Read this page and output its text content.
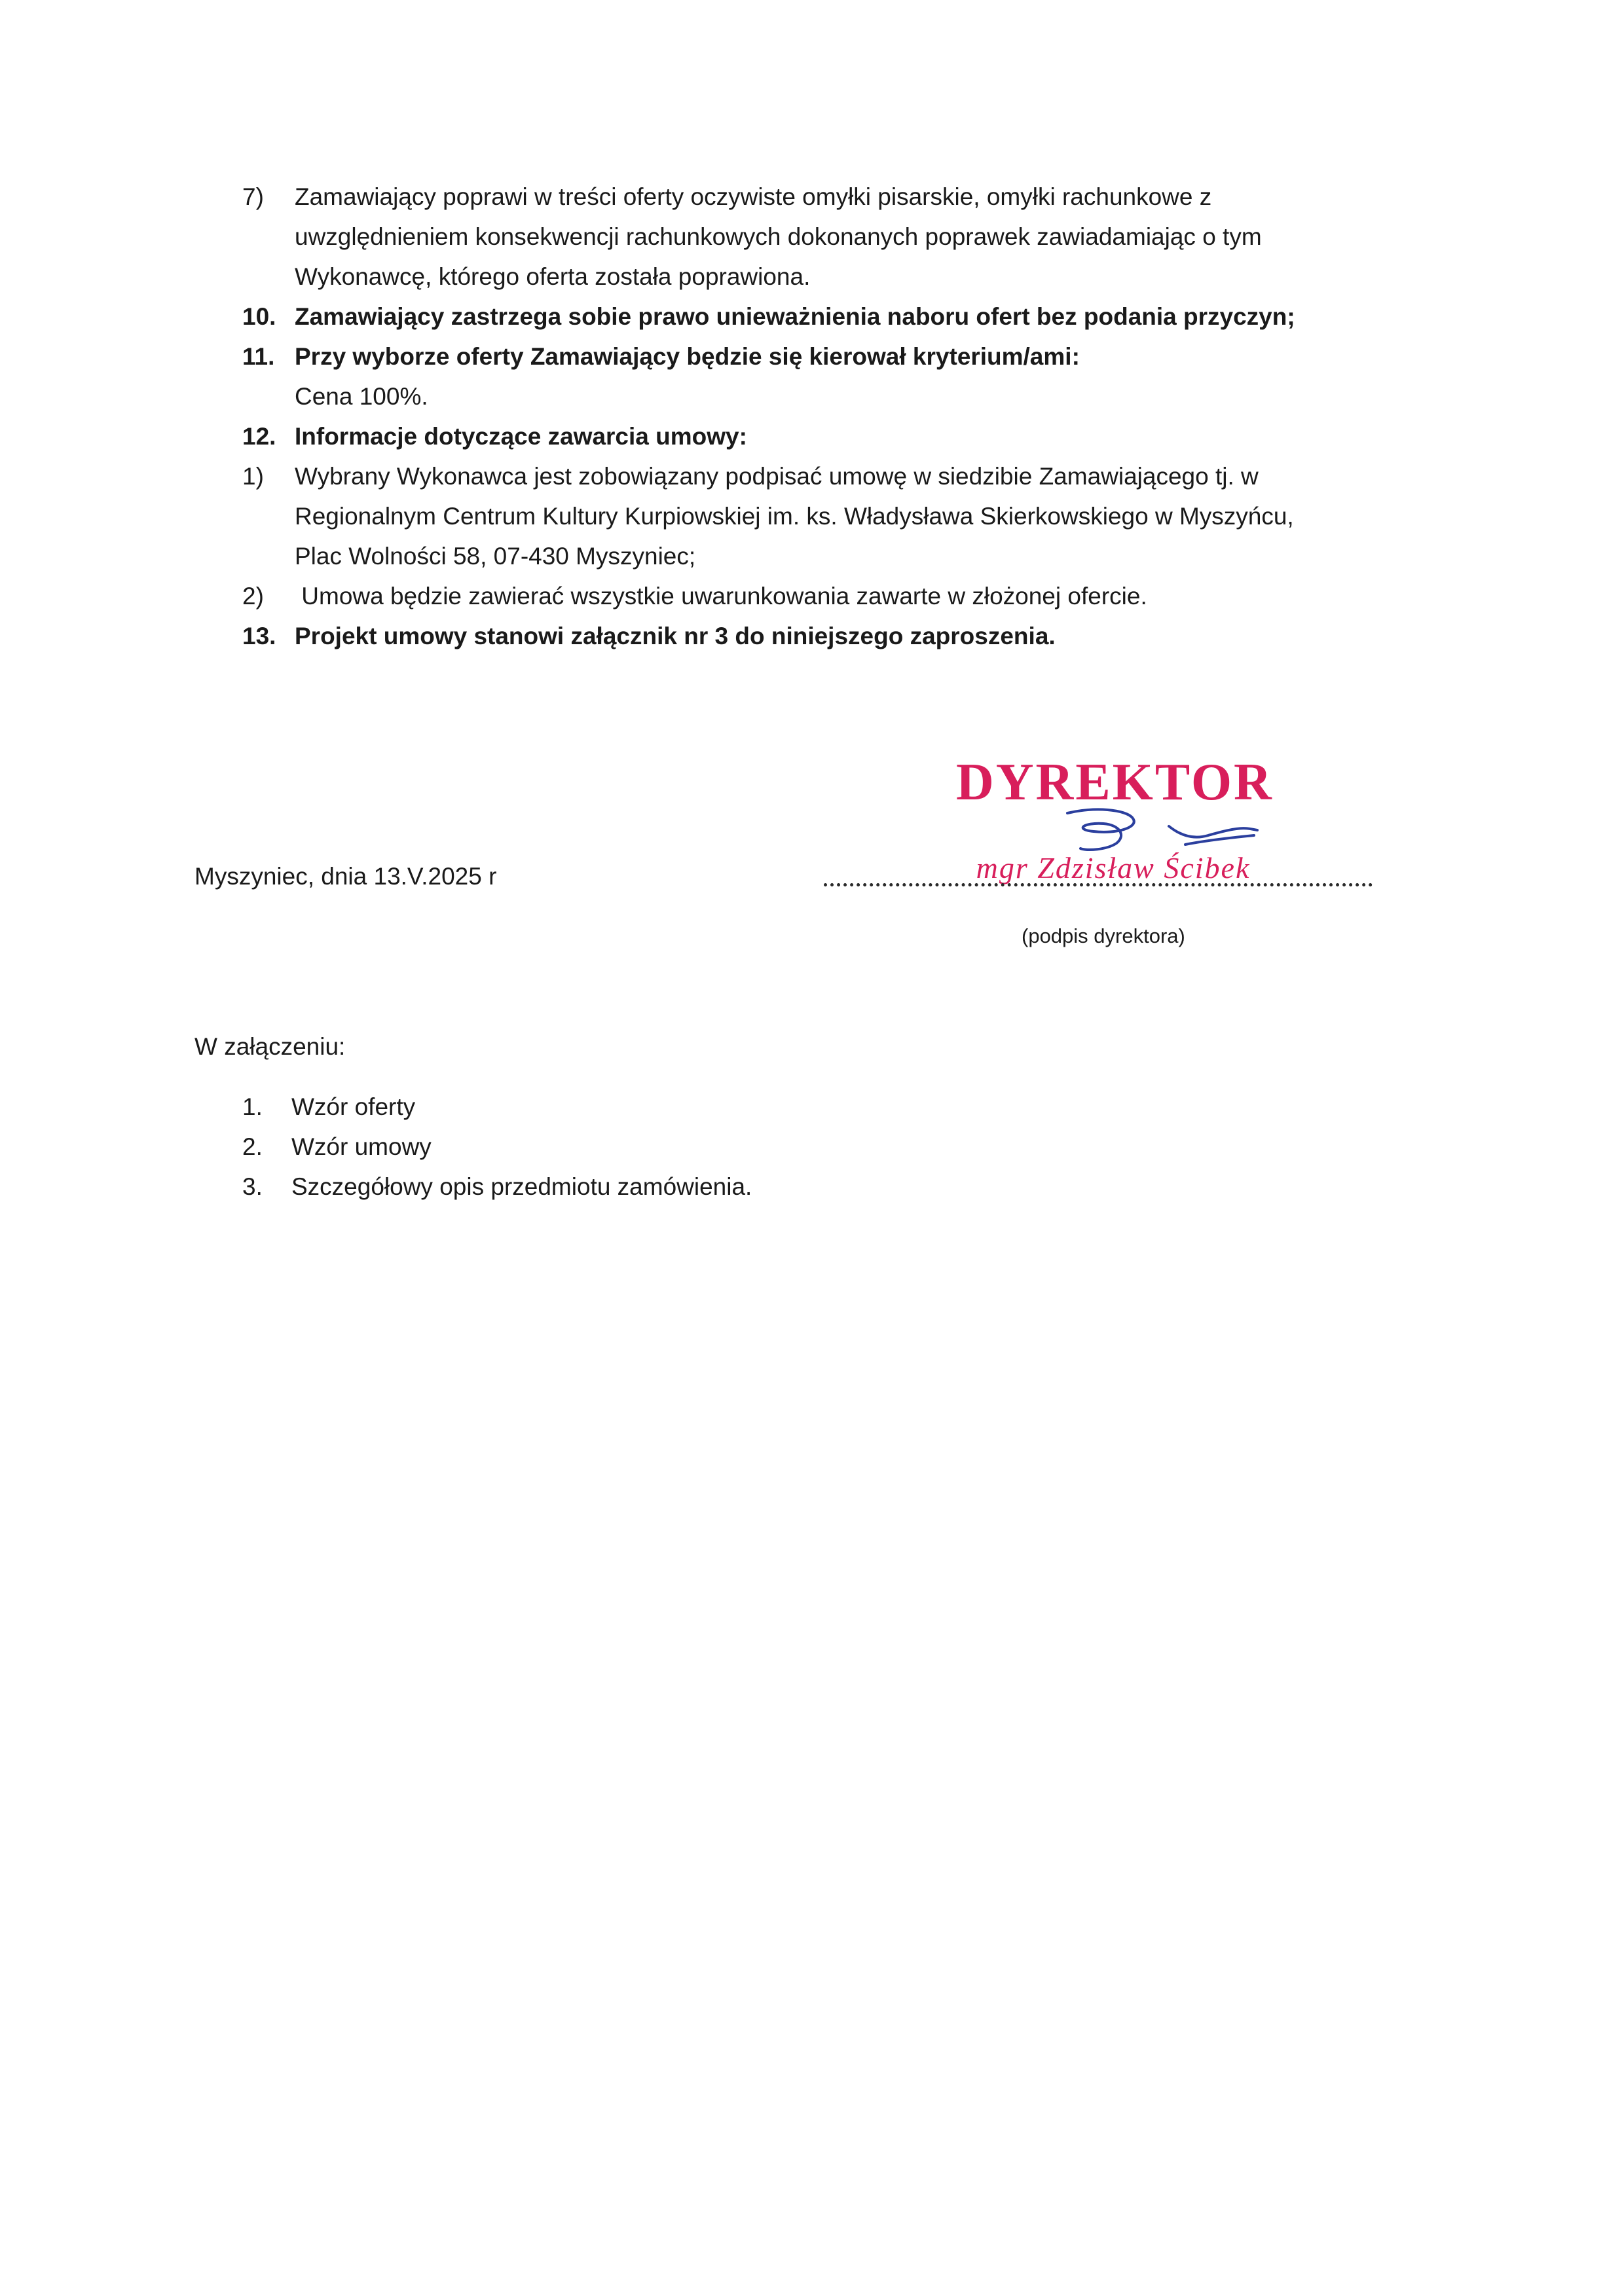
7) Zamawiający poprawi w treści oferty oczywiste omyłki pisarskie, omyłki rachunkowe z
uwzględnieniem konsekwencji rachunkowych dokonanych poprawek zawiadamiając o tym
Wykonawcę, którego oferta została poprawiona.
10. Zamawiający zastrzega sobie prawo unieważnienia naboru ofert bez podania przyczyn;
11. Przy wyborze oferty Zamawiający będzie się kierował kryterium/ami:
Cena 100%.
12. Informacje dotyczące zawarcia umowy:
1) Wybrany Wykonawca jest zobowiązany podpisać umowę w siedzibie Zamawiającego tj. w
Regionalnym Centrum Kultury Kurpiowskiej im. ks. Władysława Skierkowskiego w Myszyńcu,
Plac Wolności 58, 07-430 Myszyniec;
2) Umowa będzie zawierać wszystkie uwarunkowania zawarte w złożonej ofercie.
13. Projekt umowy stanowi załącznik nr 3 do niniejszego zaproszenia.
DYREKTOR
mgr Zdzisław Ścibek
Myszyniec, dnia 13.V.2025 r
(podpis dyrektora)
W załączeniu:
1. Wzór oferty
2. Wzór umowy
3. Szczegółowy opis przedmiotu zamówienia.
